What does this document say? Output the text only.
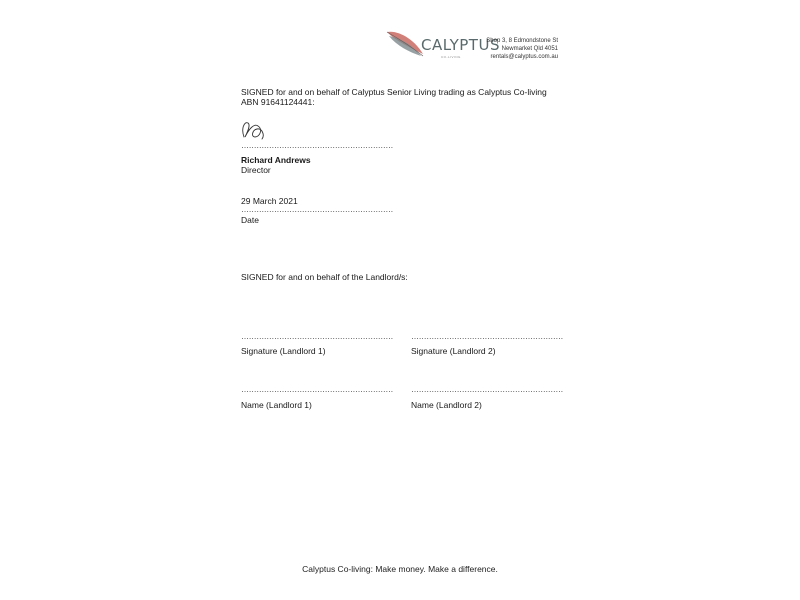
CALYPTUS
CO-LIVING
Shop 3, 8 Edmondstone St
Newmarket Qld 4051
rentals@calyptus.com.au
SIGNED for and on behalf of Calyptus Senior Living trading as Calyptus Co-living
ABN 91641124441:
……………………………………………………
Richard Andrews
Director
29 March 2021
……………………………………………………
Date
SIGNED for and on behalf of the Landlord/s:
…………………………………………………… ……………………………………………………
Signature (Landlord 1)	Signature (Landlord 2)
…………………………………………………… ……………………………………………………
Name (Landlord 1)	Name (Landlord 2)
Calyptus Co-living: Make money. Make a difference.
